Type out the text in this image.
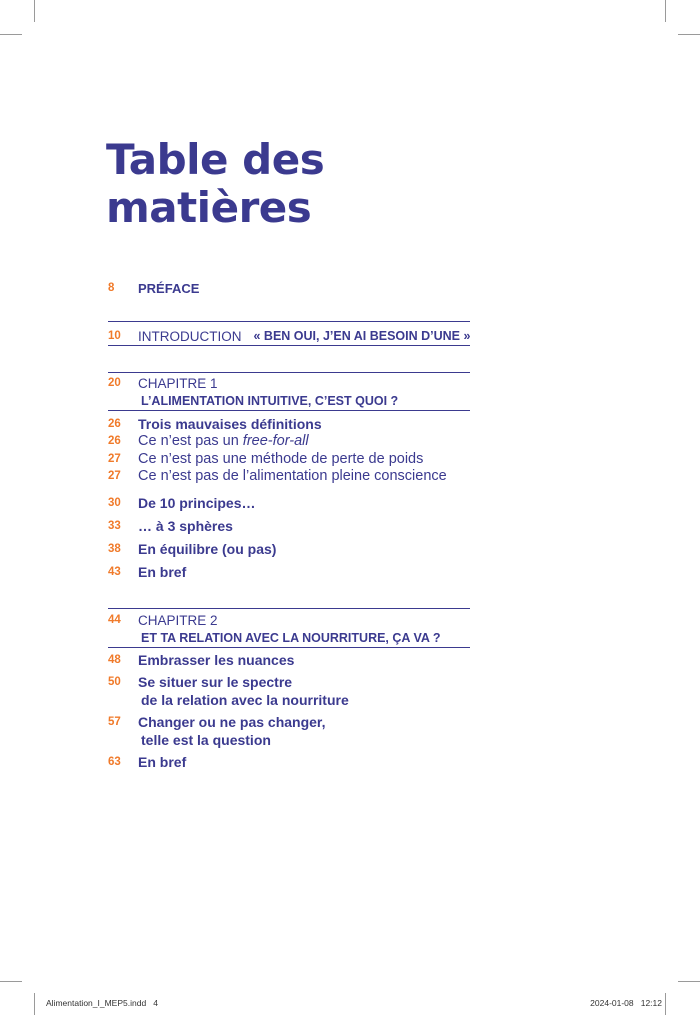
Table des
matières
8	PRÉFACE
10	INTRODUCTION « BEN OUI, J’EN AI BESOIN D’UNE »
20	CHAPITRE 1
L’ALIMENTATION INTUITIVE, C’EST QUOI ?
26	Trois mauvaises définitions
26	Ce n’est pas un free-for-all
27	Ce n’est pas une méthode de perte de poids
27	Ce n’est pas de l’alimentation pleine conscience
30	De 10 principes…
33	… à 3 sphères
38	En équilibre (ou pas)
43	En bref
44	CHAPITRE 2
ET TA RELATION AVEC LA NOURRITURE, ÇA VA ?
48	Embrasser les nuances
50	Se situer sur le spectre
de la relation avec la nourriture
57	Changer ou ne pas changer,
telle est la question
63	En bref
Alimentation_I_MEP5.indd   4	2024-01-08   12:12
